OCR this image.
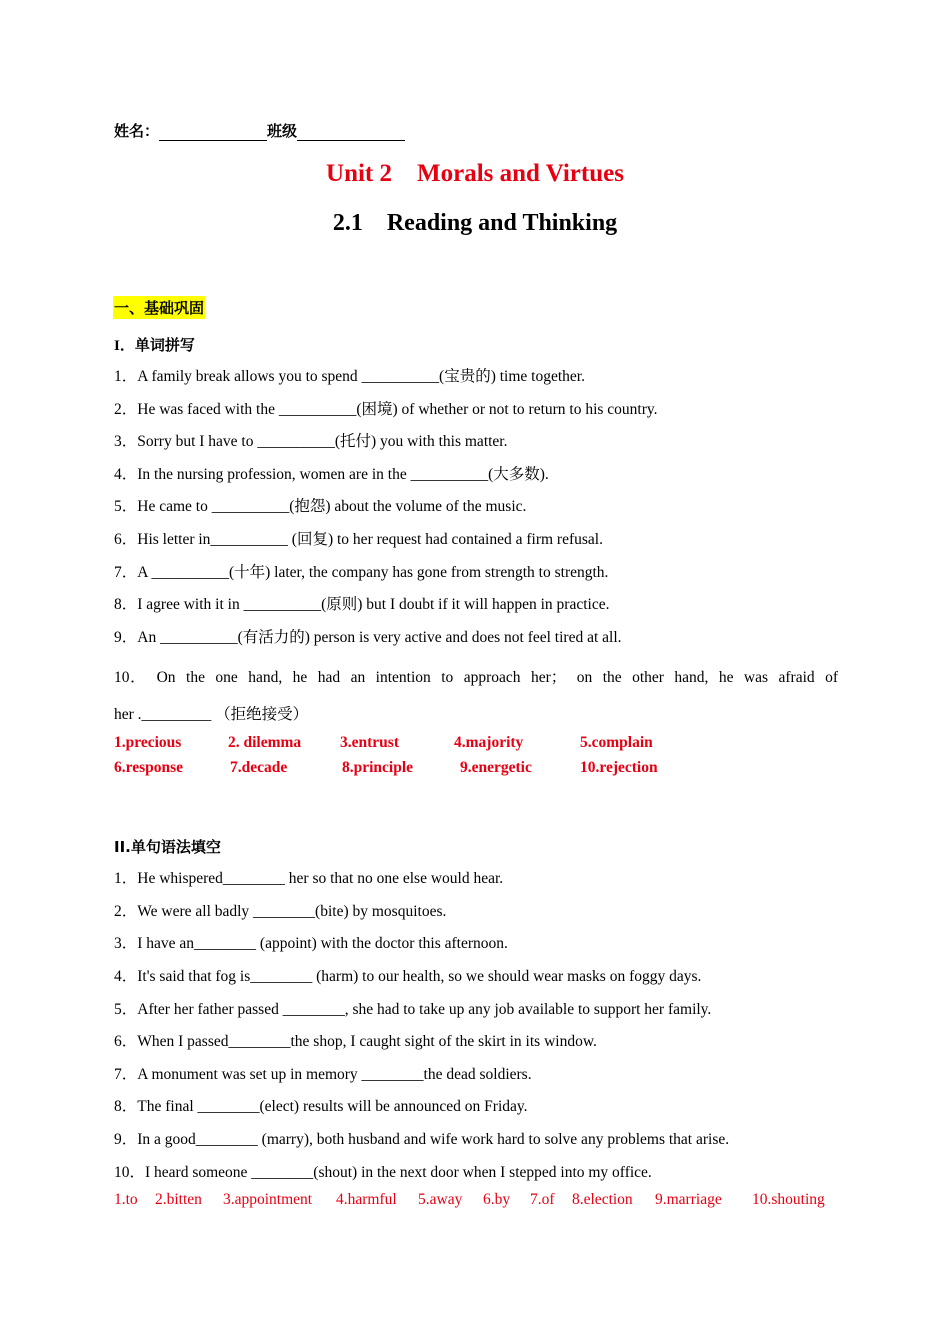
姓名：	班级
Unit 2    Morals and Virtues
2.1    Reading and Thinking
一、基础巩固
I．单词拼写
1．A family break allows you to spend __________(宝贵的) time together.
2．He was faced with the __________(困境) of whether or not to return to his country.
3．Sorry but I have to __________(托付) you with this matter.
4．In the nursing profession, women are in the __________(大多数).
5．He came to __________(抱怨) about the volume of the music.
6．His letter in__________ (回复) to her request had contained a firm refusal.
7．A __________(十年) later, the company has gone from strength to strength.
8．I agree with it in __________(原则) but I doubt if it will happen in practice.
9．An __________(有活力的) person is very active and does not feel tired at all.
10． On the one hand, he had an intention to approach her； on the other hand, he was afraid of
her ._________ （拒绝接受）
1.precious	2. dilemma	3.entrust	4.majority	5.complain
6.response	7.decade	8.principle	9.energetic	10.rejection
II.单句语法填空
1．He whispered________ her so that no one else would hear.
2．We were all badly ________(bite) by mosquitoes.
3．I have an________ (appoint) with the doctor this afternoon.
4．It's said that fog is________ (harm) to our health, so we should wear masks on foggy days.
5．After her father passed ________, she had to take up any job available to support her family.
6．When I passed________the shop, I caught sight of the skirt in its window.
7．A monument was set up in memory ________the dead soldiers.
8．The final ________(elect) results will be announced on Friday.
9．In a good________ (marry), both husband and wife work hard to solve any problems that arise.
10．I heard someone ________(shout) in the next door when I stepped into my office.
1.to 2.bitten 3.appointment 4.harmful 5.away 6.by 7.of 8.election 9.marriage 10.shouting
